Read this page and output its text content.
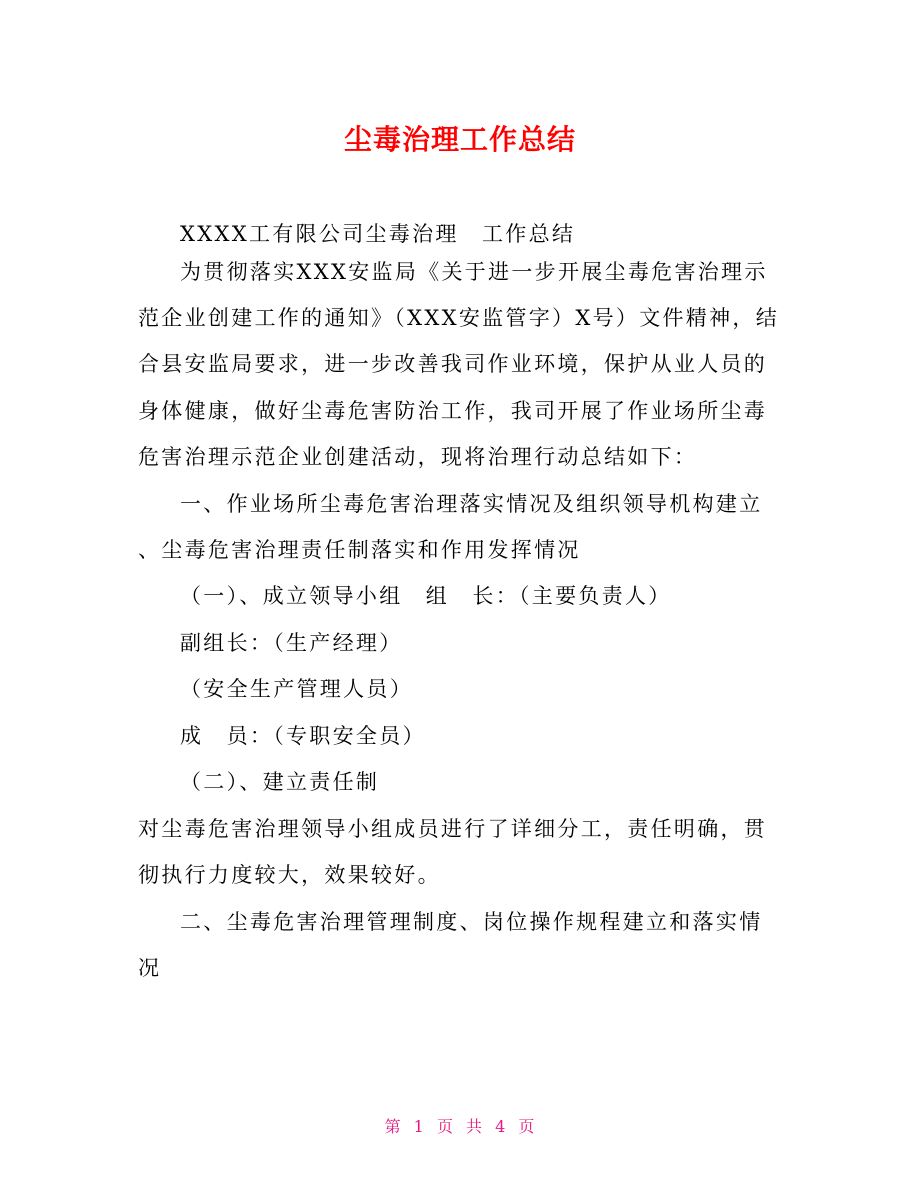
尘毒治理工作总结
XXXX工有限公司尘毒治理　工作总结
为贯彻落实XXX安监局《关于进一步开展尘毒危害治理示
范企业创建工作的通知》（XXX安监管字）X号）文件精神，结
合县安监局要求，进一步改善我司作业环境，保护从业人员的
身体健康，做好尘毒危害防治工作，我司开展了作业场所尘毒
危害治理示范企业创建活动，现将治理行动总结如下：
一、作业场所尘毒危害治理落实情况及组织领导机构建立
、尘毒危害治理责任制落实和作用发挥情况
（一）、成立领导小组　组　长：（主要负责人）
副组长：（生产经理）
（安全生产管理人员）
成　员：（专职安全员）
（二）、建立责任制
对尘毒危害治理领导小组成员进行了详细分工，责任明确，贯
彻执行力度较大，效果较好。
二、尘毒危害治理管理制度、岗位操作规程建立和落实情
况
第 1 页 共 4 页
